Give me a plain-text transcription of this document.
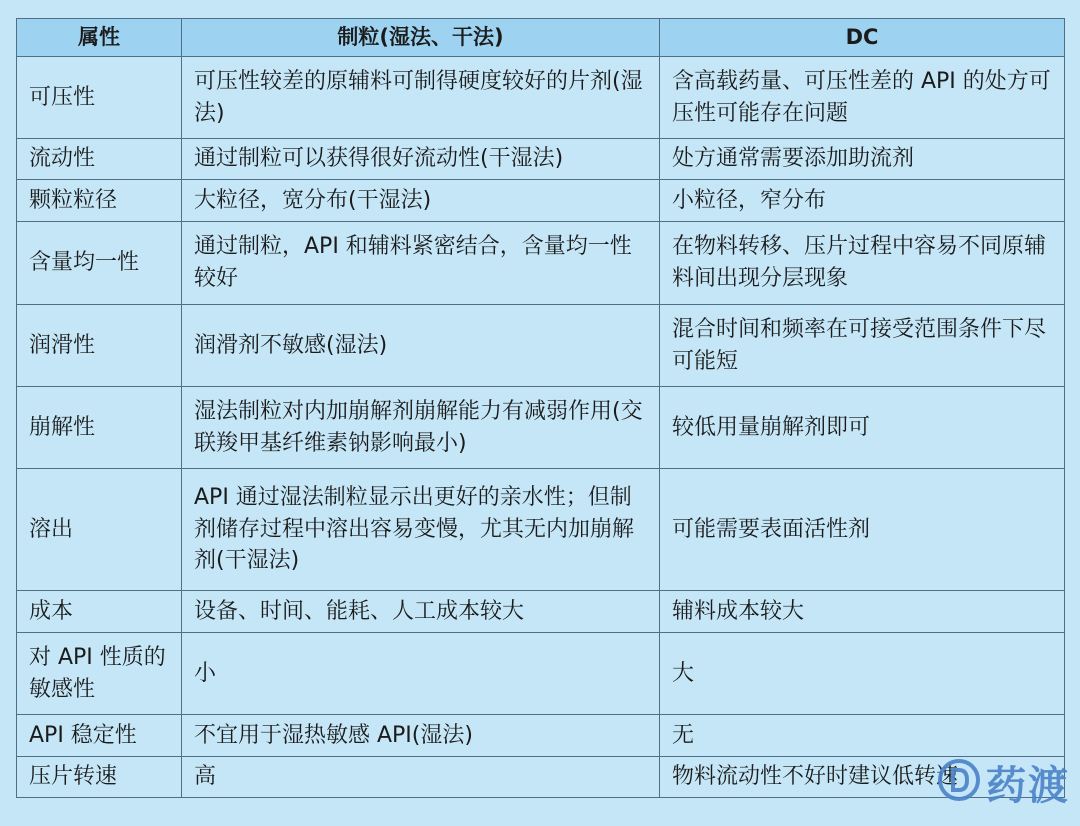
属性	制粒(湿法、干法)	DC
可压性	可压性较差的原辅料可制得硬度较好的片剂(湿法)	含高载药量、可压性差的 API 的处方可压性可能存在问题
流动性	通过制粒可以获得很好流动性(干湿法)	处方通常需要添加助流剂
颗粒粒径	大粒径，宽分布(干湿法)	小粒径，窄分布
含量均一性	通过制粒，API 和辅料紧密结合，含量均一性较好	在物料转移、压片过程中容易不同原辅料间出现分层现象
润滑性	润滑剂不敏感(湿法)	混合时间和频率在可接受范围条件下尽可能短
崩解性	湿法制粒对内加崩解剂崩解能力有减弱作用(交联羧甲基纤维素钠影响最小)	较低用量崩解剂即可
溶出	API 通过湿法制粒显示出更好的亲水性；但制剂储存过程中溶出容易变慢，尤其无内加崩解剂(干湿法)	可能需要表面活性剂
成本	设备、时间、能耗、人工成本较大	辅料成本较大
对 API 性质的敏感性	小	大
API 稳定性	不宜用于湿热敏感 API(湿法)	无
压片转速	高	物料流动性不好时建议低转速 药渡
